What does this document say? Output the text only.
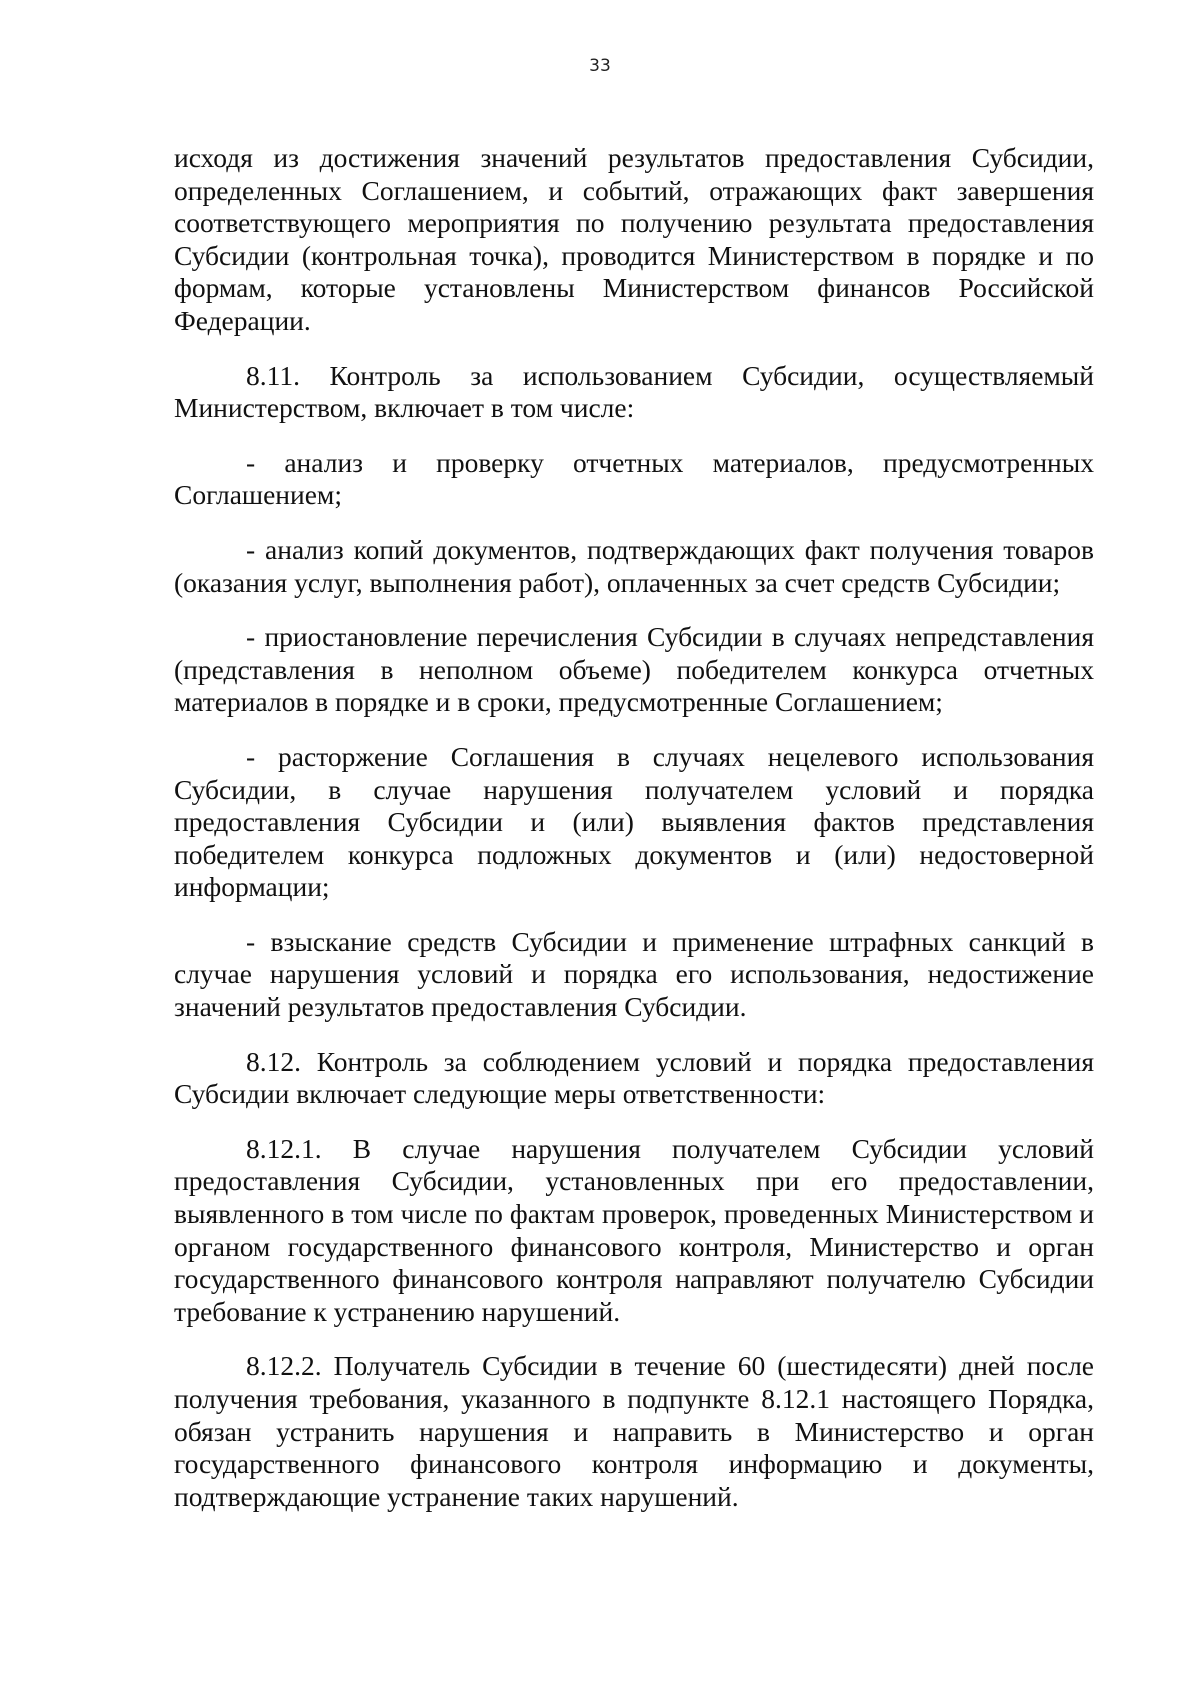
33

исходя из достижения значений результатов предоставления Субсидии, определенных Соглашением, и событий, отражающих факт завершения соответствующего мероприятия по получению результата предоставления Субсидии (контрольная точка), проводится Министерством в порядке и по формам, которые установлены Министерством финансов Российской Федерации.

8.11. Контроль за использованием Субсидии, осуществляемый Министерством, включает в том числе:

- анализ и проверку отчетных материалов, предусмотренных Соглашением;

- анализ копий документов, подтверждающих факт получения товаров (оказания услуг, выполнения работ), оплаченных за счет средств Субсидии;

- приостановление перечисления Субсидии в случаях непредставления (представления в неполном объеме) победителем конкурса отчетных материалов в порядке и в сроки, предусмотренные Соглашением;

- расторжение Соглашения в случаях нецелевого использования Субсидии, в случае нарушения получателем условий и порядка предоставления Субсидии и (или) выявления фактов представления победителем конкурса подложных документов и (или) недостоверной информации;

- взыскание средств Субсидии и применение штрафных санкций в случае нарушения условий и порядка его использования, недостижение значений результатов предоставления Субсидии.

8.12. Контроль за соблюдением условий и порядка предоставления Субсидии включает следующие меры ответственности:

8.12.1. В случае нарушения получателем Субсидии условий предоставления Субсидии, установленных при его предоставлении, выявленного в том числе по фактам проверок, проведенных Министерством и органом государственного финансового контроля, Министерство и орган государственного финансового контроля направляют получателю Субсидии требование к устранению нарушений.

8.12.2. Получатель Субсидии в течение 60 (шестидесяти) дней после получения требования, указанного в подпункте 8.12.1 настоящего Порядка, обязан устранить нарушения и направить в Министерство и орган государственного финансового контроля информацию и документы, подтверждающие устранение таких нарушений.
